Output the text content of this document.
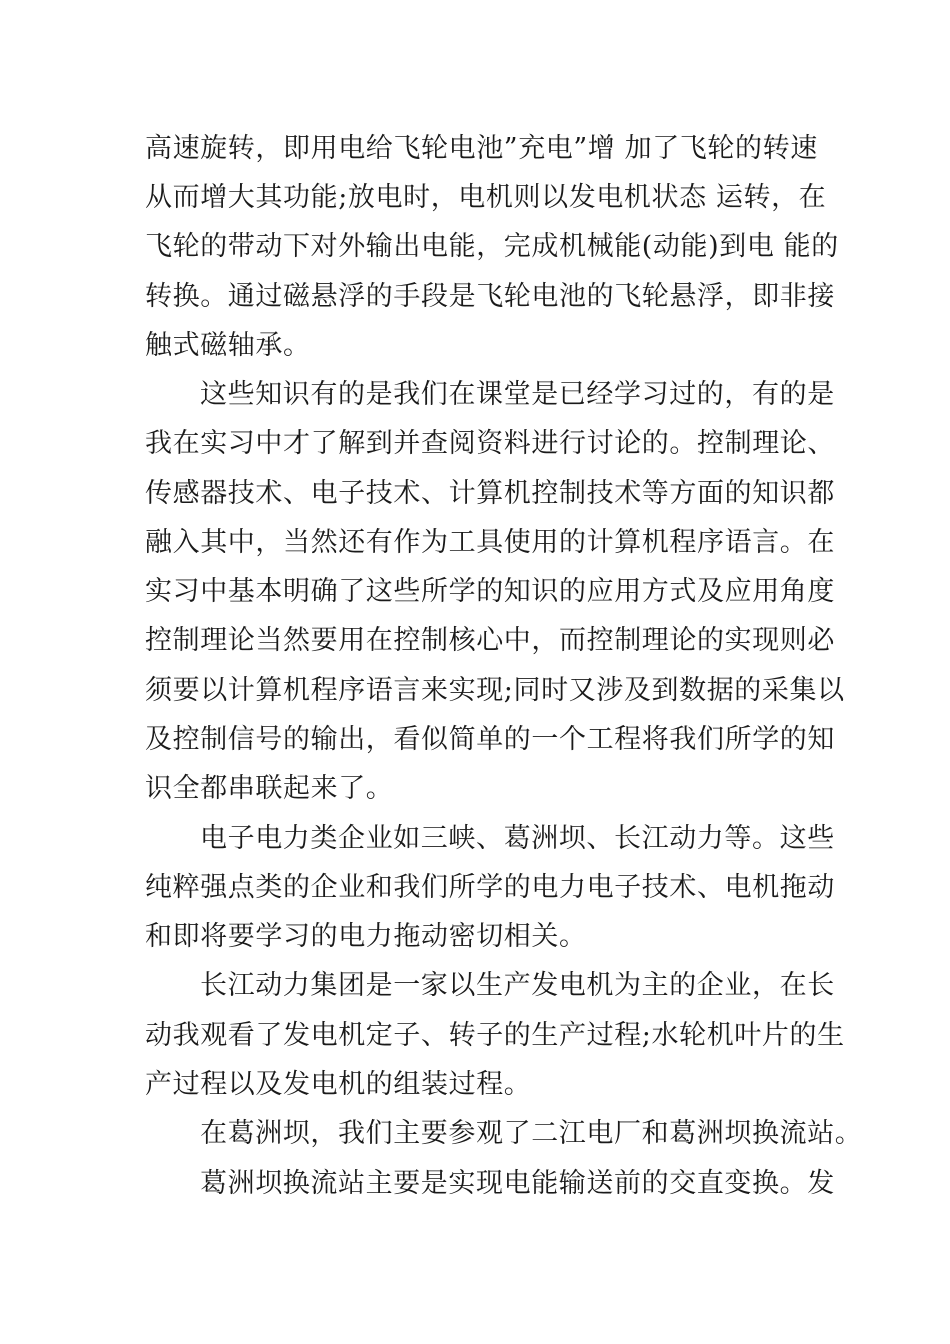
高速旋转，即用电给飞轮电池”充电”增 加了飞轮的转速
从而增大其功能;放电时，电机则以发电机状态 运转，在
飞轮的带动下对外输出电能，完成机械能(动能)到电 能的
转换。通过磁悬浮的手段是飞轮电池的飞轮悬浮，即非接
触式磁轴承。
这些知识有的是我们在课堂是已经学习过的，有的是
我在实习中才了解到并查阅资料进行讨论的。控制理论、
传感器技术、电子技术、计算机控制技术等方面的知识都
融入其中，当然还有作为工具使用的计算机程序语言。在
实习中基本明确了这些所学的知识的应用方式及应用角度
控制理论当然要用在控制核心中，而控制理论的实现则必
须要以计算机程序语言来实现;同时又涉及到数据的采集以
及控制信号的输出，看似简单的一个工程将我们所学的知
识全都串联起来了。
电子电力类企业如三峡、葛洲坝、长江动力等。这些
纯粹强点类的企业和我们所学的电力电子技术、电机拖动
和即将要学习的电力拖动密切相关。
长江动力集团是一家以生产发电机为主的企业，在长
动我观看了发电机定子、转子的生产过程;水轮机叶片的生
产过程以及发电机的组装过程。
在葛洲坝，我们主要参观了二江电厂和葛洲坝换流站。
葛洲坝换流站主要是实现电能输送前的交直变换。发
